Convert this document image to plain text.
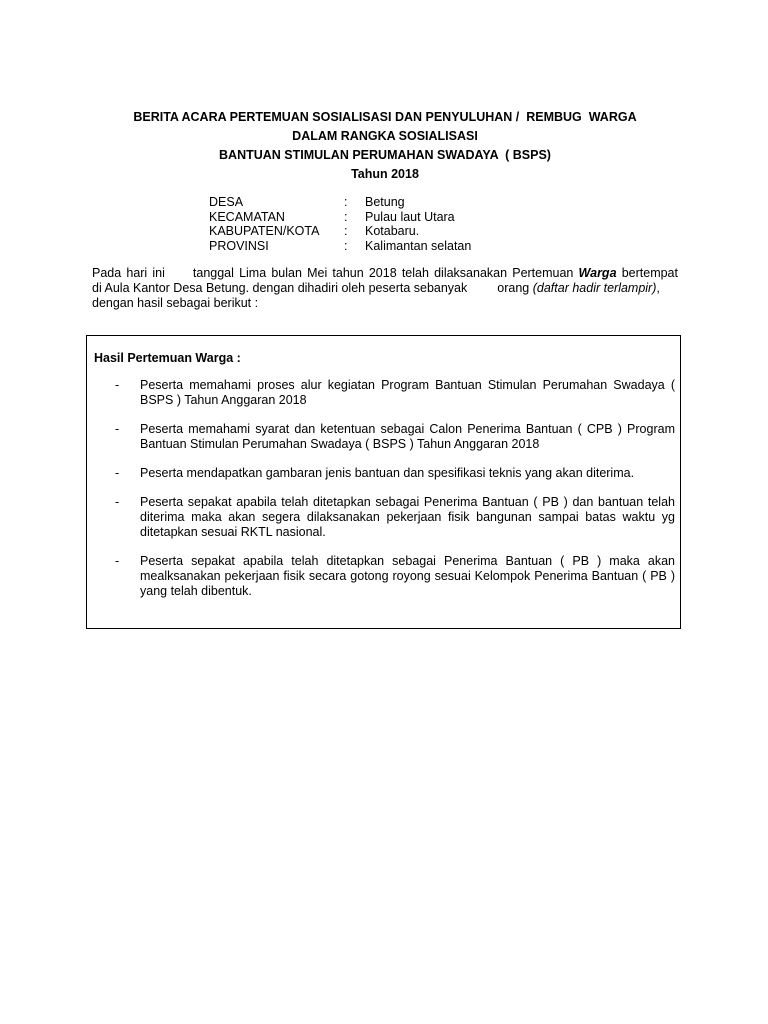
BERITA ACARA PERTEMUAN SOSIALISASI DAN PENYULUHAN /  REMBUG  WARGA
DALAM RANGKA SOSIALISASI
BANTUAN STIMULAN PERUMAHAN SWADAYA  ( BSPS)
Tahun 2018
DESA	:	Betung
KECAMATAN	:	Pulau laut Utara
KABUPATEN/KOTA	:	Kotabaru.
PROVINSI	:	Kalimantan selatan
Pada hari ini tanggal Lima bulan Mei tahun 2018 telah dilaksanakan Pertemuan Warga bertempat
di Aula Kantor Desa Betung. dengan dihadiri oleh peserta sebanyak orang (daftar hadir terlampir),
dengan hasil sebagai berikut :
Hasil Pertemuan Warga :
-	Peserta memahami proses alur kegiatan Program Bantuan Stimulan Perumahan Swadaya ( BSPS ) Tahun Anggaran 2018
-	Peserta memahami syarat dan ketentuan sebagai Calon Penerima Bantuan ( CPB ) Program Bantuan Stimulan Perumahan Swadaya ( BSPS ) Tahun Anggaran 2018
-	Peserta mendapatkan gambaran jenis bantuan dan spesifikasi teknis yang akan diterima.
-	Peserta sepakat apabila telah ditetapkan sebagai Penerima Bantuan ( PB ) dan bantuan telah diterima maka akan segera dilaksanakan pekerjaan fisik bangunan sampai batas waktu yg ditetapkan sesuai RKTL nasional.
-	Peserta sepakat apabila telah ditetapkan sebagai Penerima Bantuan ( PB ) maka akan mealksanakan pekerjaan fisik secara gotong royong sesuai Kelompok Penerima Bantuan ( PB ) yang telah dibentuk.
